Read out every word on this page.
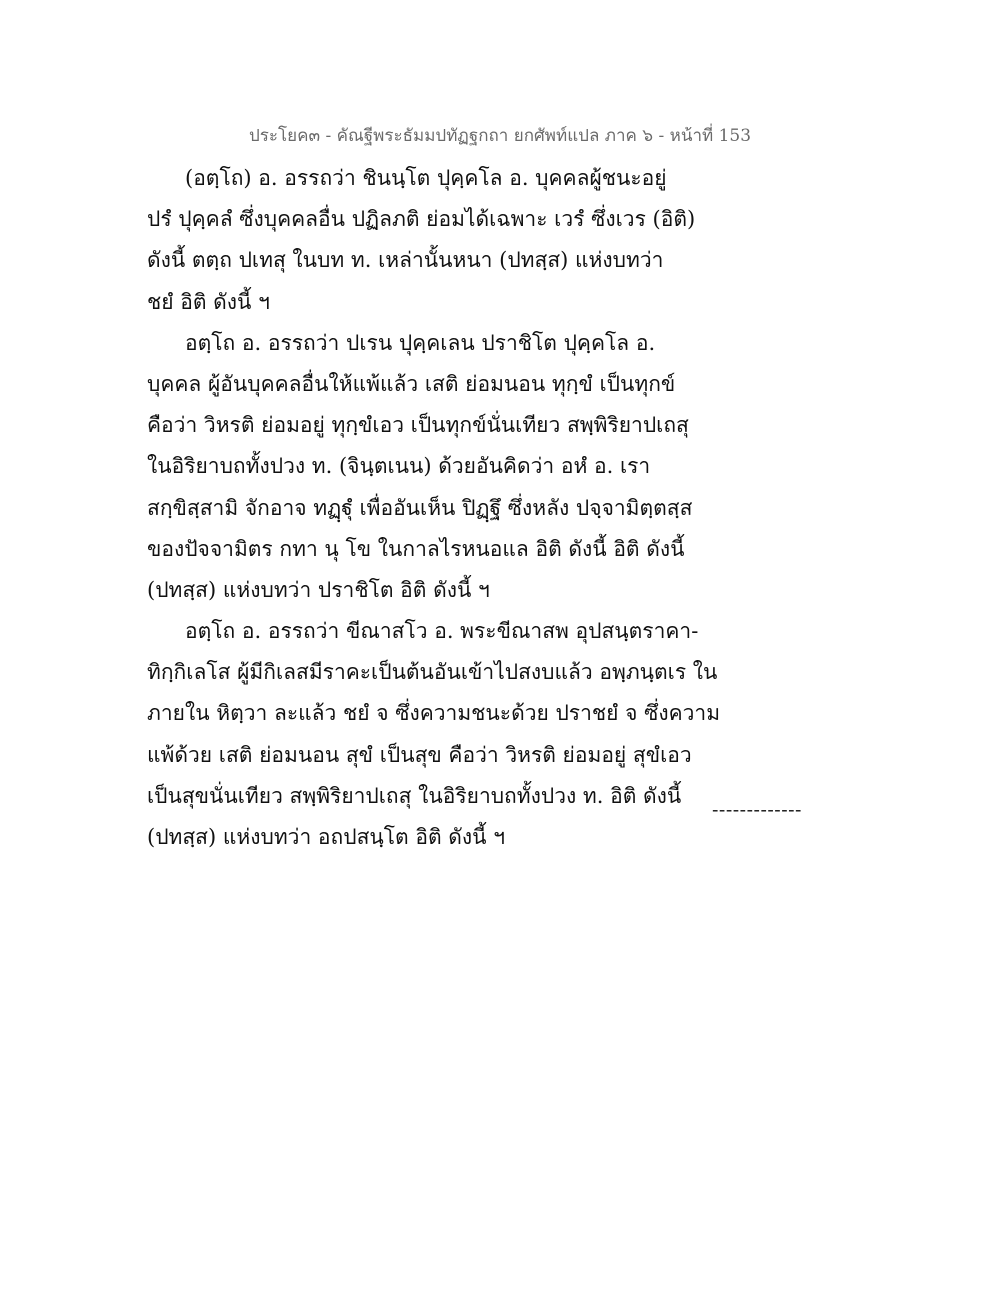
ประโยค๓ - คัณฐีพระธัมมปทัฏฐกถา ยกศัพท์แปล ภาค ๖ - หน้าที่ 153
(อตฺโถ) อ. อรรถว่า ชินนฺโต ปุคฺคโล อ. บุคคลผู้ชนะอยู่
ปรํ ปุคฺคลํ ซึ่งบุคคลอื่น ปฏิลภติ ย่อมได้เฉพาะ เวรํ ซึ่งเวร (อิติ)
ดังนี้ ตตฺถ ปเทสุ ในบท ท. เหล่านั้นหนา (ปทสฺส) แห่งบทว่า
ชยํ อิติ ดังนี้ ฯ
อตฺโถ อ. อรรถว่า ปเรน ปุคฺคเลน ปราชิโต ปุคฺคโล อ.
บุคคล ผู้อันบุคคลอื่นให้แพ้แล้ว เสติ ย่อมนอน ทุกฺขํ เป็นทุกข์
คือว่า วิหรติ ย่อมอยู่ ทุกฺขํเอว เป็นทุกข์นั่นเทียว สพฺพิริยาปเถสุ
ในอิริยาบถทั้งปวง ท. (จินฺตเนน) ด้วยอันคิดว่า อหํ อ. เรา
สกฺขิสฺสามิ จักอาจ ทฏฺฐุํ เพื่ออันเห็น ปิฏฺฐึ ซึ่งหลัง ปจฺจามิตฺตสฺส
ของปัจจามิตร กทา นุ โข ในกาลไรหนอแล อิติ ดังนี้ อิติ ดังนี้
(ปทสฺส) แห่งบทว่า ปราชิโต อิติ ดังนี้ ฯ
อตฺโถ อ. อรรถว่า ขีณาสโว อ. พระขีณาสพ อุปสนฺตราคา-
ทิกฺกิเลโส ผู้มีกิเลสมีราคะเป็นต้นอันเข้าไปสงบแล้ว อพฺภนฺตเร ใน
ภายใน หิตฺวา ละแล้ว ชยํ จ ซึ่งความชนะด้วย ปราชยํ จ ซึ่งความ
แพ้ด้วย เสติ ย่อมนอน สุขํ เป็นสุข คือว่า วิหรติ ย่อมอยู่ สุขํเอว
เป็นสุขนั่นเทียว สพฺพิริยาปเถสุ ในอิริยาบถทั้งปวง ท. อิติ ดังนี้
(ปทสฺส) แห่งบทว่า อถปสนฺโต อิติ ดังนี้ ฯ
-------------
